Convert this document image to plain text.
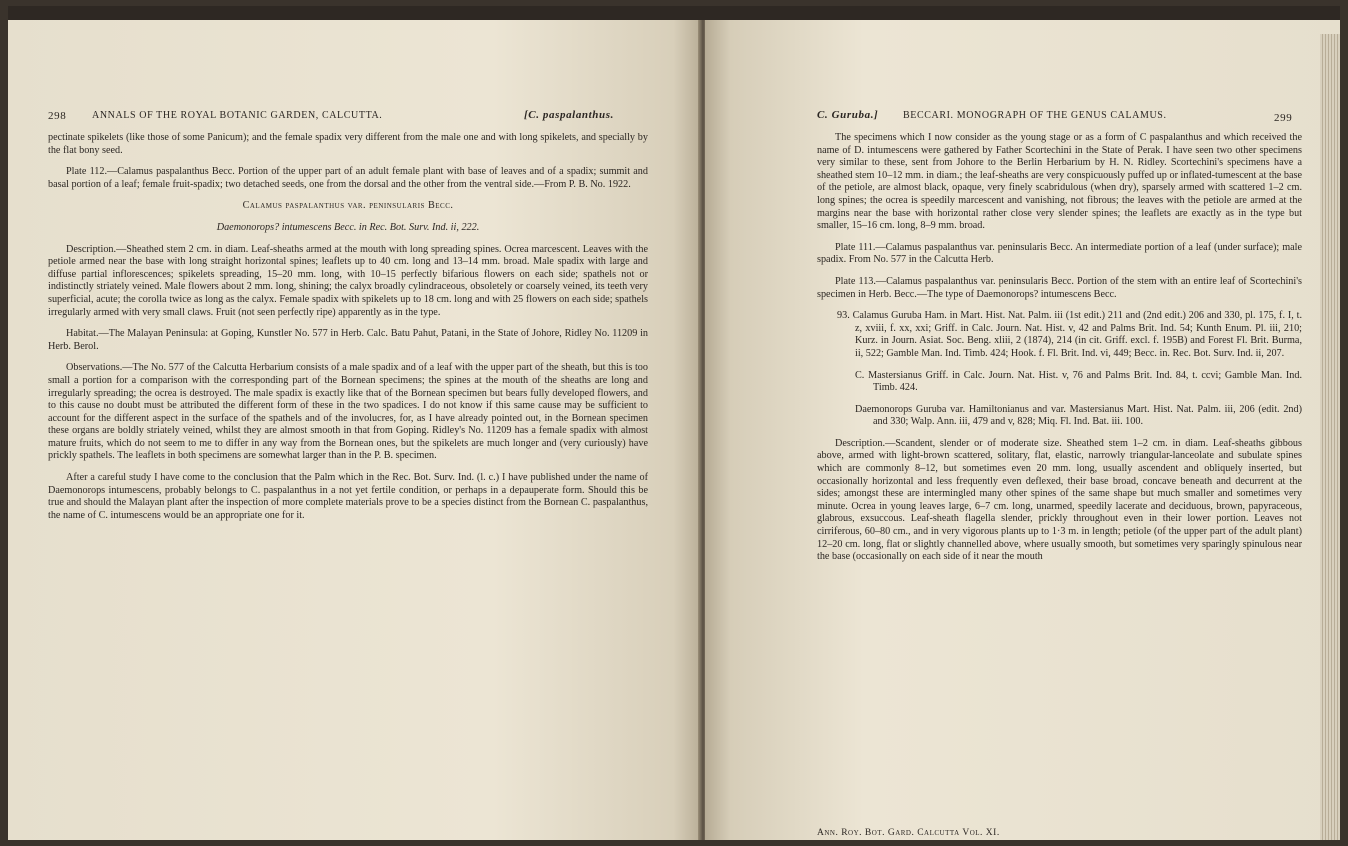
298	ANNALS OF THE ROYAL BOTANIC GARDEN, CALCUTTA.	[C. paspalanthus.

pectinate spikelets (like those of some Panicum); and the female spadix very different from the male one and with long spikelets, and specially by the flat bony seed.

Plate 112.—Calamus paspalanthus Becc. Portion of the upper part of an adult female plant with base of leaves and of a spadix; summit and basal portion of a leaf; female fruit-spadix; two detached seeds, one from the dorsal and the other from the ventral side.—From P. B. No. 1922.

Calamus paspalanthus var. peninsularis Becc.

Daemonorops? intumescens Becc. in Rec. Bot. Surv. Ind. ii, 222.

Description.—Sheathed stem 2 cm. in diam. Leaf-sheaths armed at the mouth with long spreading spines. Ocrea marcescent. Leaves with the petiole armed near the base with long straight horizontal spines; leaflets up to 40 cm. long and 13–14 mm. broad. Male spadix with large and diffuse partial inflorescences; spikelets spreading, 15–20 mm. long, with 10–15 perfectly bifarious flowers on each side; spathels not or indistinctly striately veined. Male flowers about 2 mm. long, shining; the calyx broadly cylindraceous, obsoletely or coarsely veined, its teeth very superficial, acute; the corolla twice as long as the calyx. Female spadix with spikelets up to 18 cm. long and with 25 flowers on each side; spathels irregularly armed with very small claws. Fruit (not seen perfectly ripe) apparently as in the type.

Habitat.—The Malayan Peninsula: at Goping, Kunstler No. 577 in Herb. Calc. Batu Pahut, Patani, in the State of Johore, Ridley No. 11209 in Herb. Berol.

Observations.—The No. 577 of the Calcutta Herbarium consists of a male spadix and of a leaf with the upper part of the sheath, but this is too small a portion for a comparison with the corresponding part of the Bornean specimens; the spines at the mouth of the sheaths are long and irregularly spreading; the ocrea is destroyed. The male spadix is exactly like that of the Bornean specimen but bears fully developed flowers, and to this cause no doubt must be attributed the different form of these in the two spadices. I do not know if this same cause may be sufficient to account for the different aspect in the surface of the spathels and of the involucres, for, as I have already pointed out, in the Bornean specimen these organs are boldly striately veined, whilst they are almost smooth in that from Goping. Ridley's No. 11209 has a female spadix with almost mature fruits, which do not seem to me to differ in any way from the Bornean ones, but the spikelets are much longer and (very curiously) have prickly spathels. The leaflets in both specimens are somewhat larger than in the P. B. specimen.

After a careful study I have come to the conclusion that the Palm which in the Rec. Bot. Surv. Ind. (l. c.) I have published under the name of Daemonorops intumescens, probably belongs to C. paspalanthus in a not yet fertile condition, or perhaps in a depauperate form. Should this be true and should the Malayan plant after the inspection of more complete materials prove to be a species distinct from the Bornean C. paspalanthus, the name of C. intumescens would be an appropriate one for it.

C. Guruba.] BECCARI. MONOGRAPH OF THE GENUS CALAMUS.	299

The specimens which I now consider as the young stage or as a form of C paspalanthus and which received the name of D. intumescens were gathered by Father Scortechini in the State of Perak. I have seen two other specimens very similar to these, sent from Johore to the Berlin Herbarium by H. N. Ridley. Scortechini's specimens have a sheathed stem 10–12 mm. in diam.; the leaf-sheaths are very conspicuously puffed up or inflated-tumescent at the base of the petiole, are almost black, opaque, very finely scabridulous (when dry), sparsely armed with scattered 1–2 cm. long spines; the ocrea is speedily marcescent and vanishing, not fibrous; the leaves with the petiole are armed at the margins near the base with horizontal rather close very slender spines; the leaflets are exactly as in the type but smaller, 15–16 cm. long, 8–9 mm. broad.

Plate 111.—Calamus paspalanthus var. peninsularis Becc. An intermediate portion of a leaf (under surface); male spadix. From No. 577 in the Calcutta Herb.

Plate 113.—Calamus paspalanthus var. peninsularis Becc. Portion of the stem with an entire leaf of Scortechini's specimen in Herb. Becc.—The type of Daemonorops? intumescens Becc.

93. Calamus Guruba Ham. in Mart. Hist. Nat. Palm. iii (1st edit.) 211 and (2nd edit.) 206 and 330, pl. 175, f. I, t. z, xviii, f. xx, xxi; Griff. in Calc. Journ. Nat. Hist. v, 42 and Palms Brit. Ind. 54; Kunth Enum. Pl. iii, 210; Kurz. in Journ. Asiat. Soc. Beng. xliii, 2 (1874), 214 (in cit. Griff. excl. f. 195B) and Forest Fl. Brit. Burma, ii, 522; Gamble Man. Ind. Timb. 424; Hook. f. Fl. Brit. Ind. vi, 449; Becc. in. Rec. Bot. Surv. Ind. ii, 207.

C. Mastersianus Griff. in Calc. Journ. Nat. Hist. v, 76 and Palms Brit. Ind. 84, t. ccvi; Gamble Man. Ind. Timb. 424.

Daemonorops Guruba var. Hamiltonianus and var. Mastersianus Mart. Hist. Nat. Palm. iii, 206 (edit. 2nd) and 330; Walp. Ann. iii, 479 and v, 828; Miq. Fl. Ind. Bat. iii. 100.

Description.—Scandent, slender or of moderate size. Sheathed stem 1–2 cm. in diam. Leaf-sheaths gibbous above, armed with light-brown scattered, solitary, flat, elastic, narrowly triangular-lanceolate and subulate spines which are commonly 8–12, but sometimes even 20 mm. long, usually ascendent and obliquely inserted, but occasionally horizontal and less frequently even deflexed, their base broad, concave beneath and decurrent at the sides; amongst these are intermingled many other spines of the same shape but much smaller and sometimes very minute. Ocrea in young leaves large, 6–7 cm. long, unarmed, speedily lacerate and deciduous, brown, papyraceous, glabrous, exsuccous. Leaf-sheath flagella slender, prickly throughout even in their lower portion. Leaves not cirriferous, 60–80 cm., and in very vigorous plants up to 1·3 m. in length; petiole (of the upper part of the adult plant) 12–20 cm. long, flat or slightly channelled above, where usually smooth, but sometimes very sparingly spinulous near the base (occasionally on each side of it near the mouth

Ann. Roy. Bot. Gard. Calcutta Vol. XI.
